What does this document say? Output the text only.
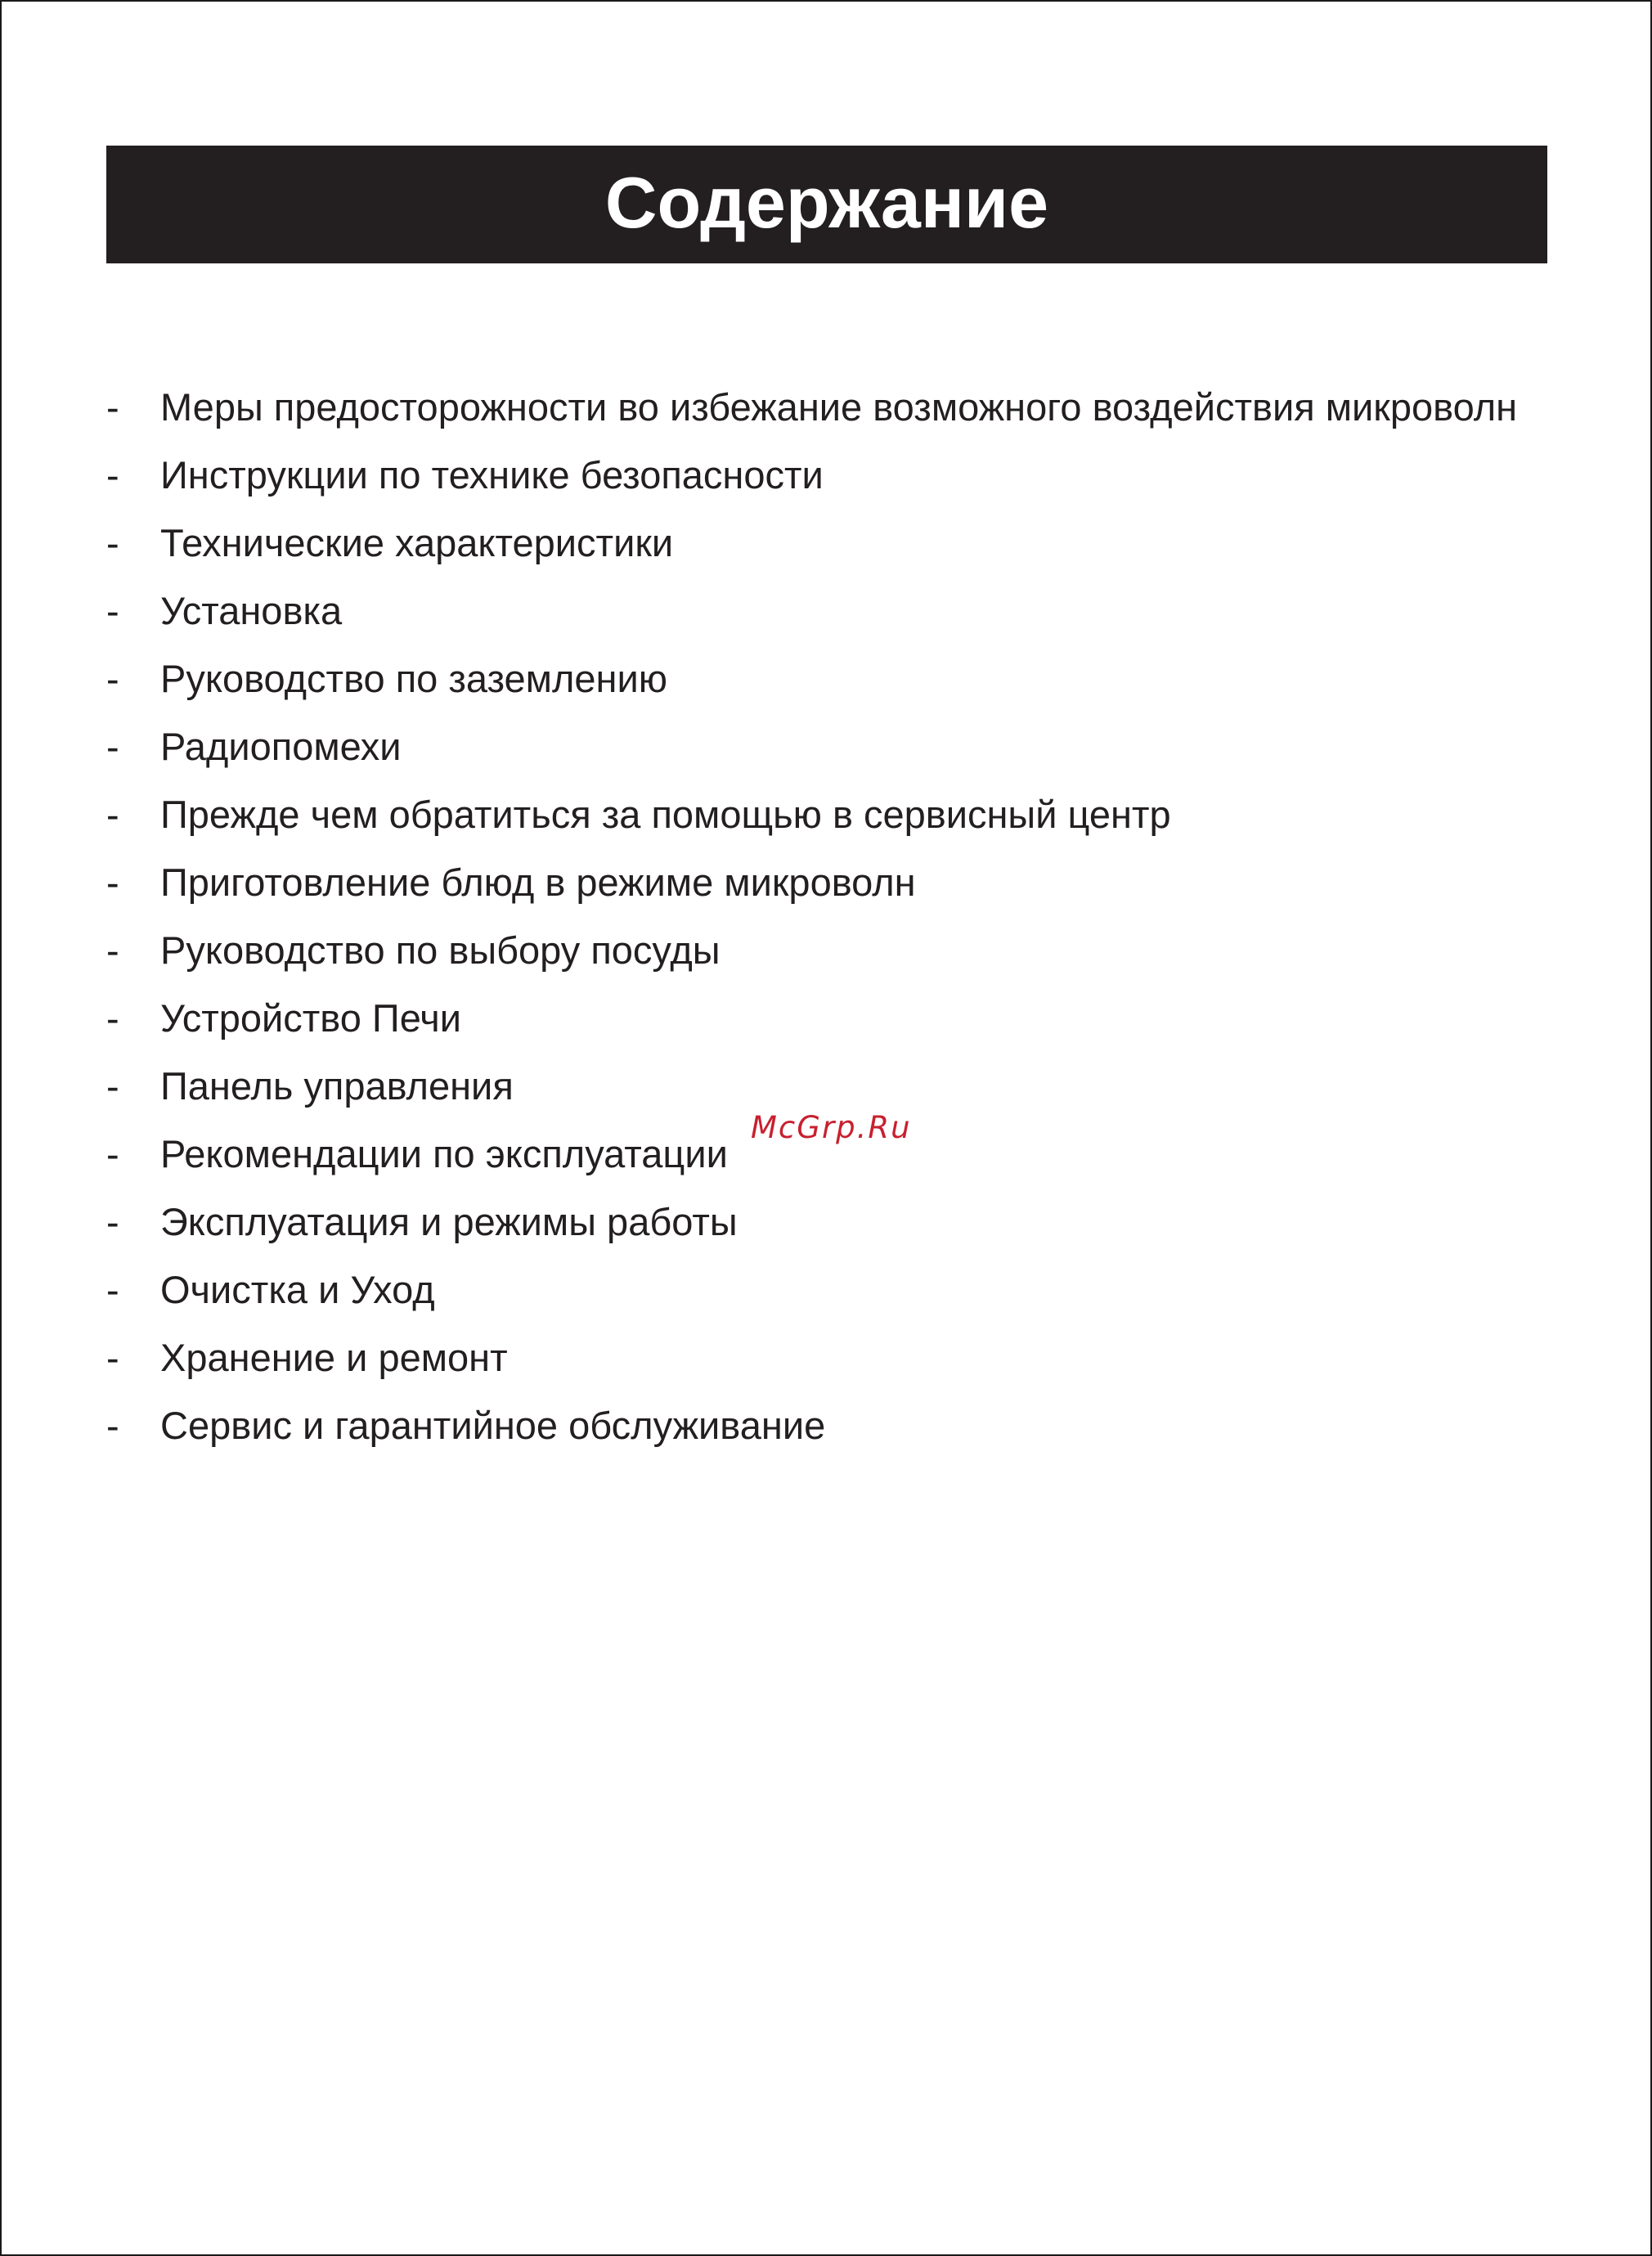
Содержание
-	Меры предосторожности во избежание возможного воздействия микроволн
-	Инструкции по технике безопасности
-	Технические характеристики
-	Установка
-	Руководство по заземлению
-	Радиопомехи
-	Прежде чем обратиться за помощью в сервисный центр
-	Приготовление блюд в режиме микроволн
-	Руководство по выбору посуды
-	Устройство Печи
-	Панель управления
-	Рекомендации по эксплуатации
-	Эксплуатация и режимы работы
-	Очистка и Уход
-	Хранение и ремонт
-	Сервис и гарантийное обслуживание
McGrp.Ru
